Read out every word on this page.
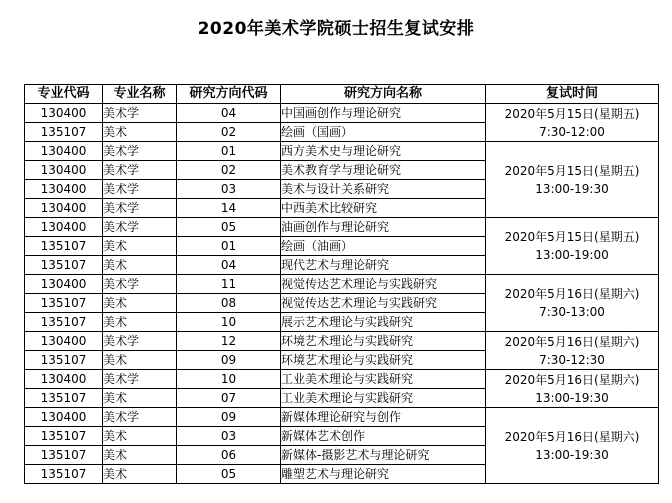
2020年美术学院硕士招生复试安排
专业代码	专业名称	研究方向代码	研究方向名称	复试时间
130400	美术学	04	中国画创作与理论研究	2020年5月15日(星期五)
7:30-12:00

135107	美术	02	绘画（国画）	
130400	美术学	01	西方美术史与理论研究	2020年5月15日(星期五)
13:00-19:30

130400	美术学	02	美术教育学与理论研究	
130400	美术学	03	美术与设计关系研究	
130400	美术学	14	中西美术比较研究	
130400	美术学	05	油画创作与理论研究	2020年5月15日(星期五)
13:00-19:00

135107	美术	01	绘画（油画）	
135107	美术	04	现代艺术与理论研究	
130400	美术学	11	视觉传达艺术理论与实践研究	2020年5月16日(星期六)
7:30-13:00

135107	美术	08	视觉传达艺术理论与实践研究	
135107	美术	10	展示艺术理论与实践研究	
130400	美术学	12	环境艺术理论与实践研究	2020年5月16日(星期六)
7:30-12:30

135107	美术	09	环境艺术理论与实践研究	
130400	美术学	10	工业美术理论与实践研究	2020年5月16日(星期六)
13:00-19:30

135107	美术	07	工业美术理论与实践研究	
130400	美术学	09	新媒体理论研究与创作	2020年5月16日(星期六)
13:00-19:30

135107	美术	03	新媒体艺术创作	
135107	美术	06	新媒体-摄影艺术与理论研究	
135107	美术	05	雕塑艺术与理论研究	
